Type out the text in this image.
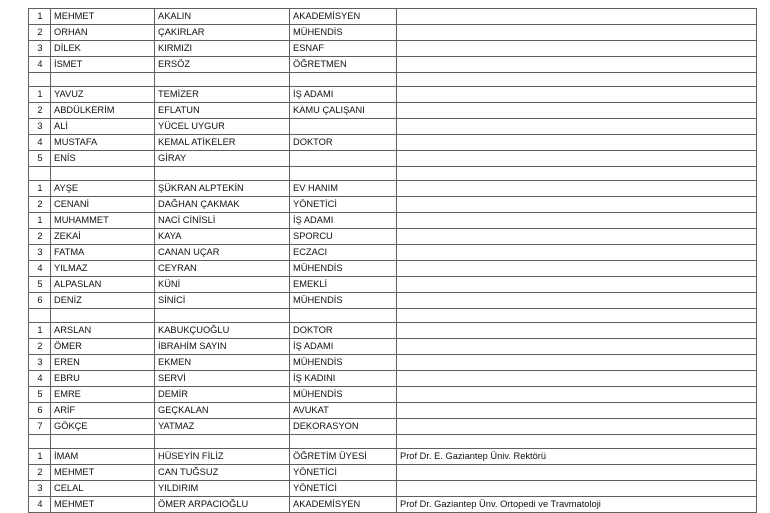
1	MEHMET	AKALIN	AKADEMİSYEN	
2	ORHAN	ÇAKIRLAR	MÜHENDİS	
3	DİLEK	KIRMIZI	ESNAF	
4	İSMET	ERSÖZ	ÖĞRETMEN	

1	YAVUZ	TEMİZER	İŞ ADAMI	
2	ABDÜLKERİM	EFLATUN	KAMU ÇALIŞANI	
3	ALİ	YÜCEL UYGUR		
4	MUSTAFA	KEMAL ATİKELER	DOKTOR	
5	ENİS	GİRAY		

1	AYŞE	ŞÜKRAN ALPTEKİN	EV HANIM	
2	CENANİ	DAĞHAN ÇAKMAK	YÖNETİCİ	
1	MUHAMMET	NACİ CİNİSLİ	İŞ ADAMI	
2	ZEKAİ	KAYA	SPORCU	
3	FATMA	CANAN UÇAR	ECZACI	
4	YILMAZ	CEYRAN	MÜHENDİS	
5	ALPASLAN	KÜNİ	EMEKLİ	
6	DENİZ	SİNİCİ	MÜHENDİS	

1	ARSLAN	KABUKÇUOĞLU	DOKTOR	
2	ÖMER	İBRAHİM SAYIN	İŞ ADAMI	
3	EREN	EKMEN	MÜHENDİS	
4	EBRU	SERVİ	İŞ KADINI	
5	EMRE	DEMİR	MÜHENDİS	
6	ARİF	GEÇKALAN	AVUKAT	
7	GÖKÇE	YATMAZ	DEKORASYON	

1	İMAM	HÜSEYİN FİLİZ	ÖĞRETİM ÜYESİ	Prof Dr. E. Gaziantep Üniv. Rektörü
2	MEHMET	CAN TUĞSUZ	YÖNETİCİ	
3	CELAL	YILDIRIM	YÖNETİCİ	
4	MEHMET	ÖMER ARPACIOĞLU	AKADEMİSYEN	Prof Dr. Gaziantep Ünv. Ortopedi ve Travmatoloji
